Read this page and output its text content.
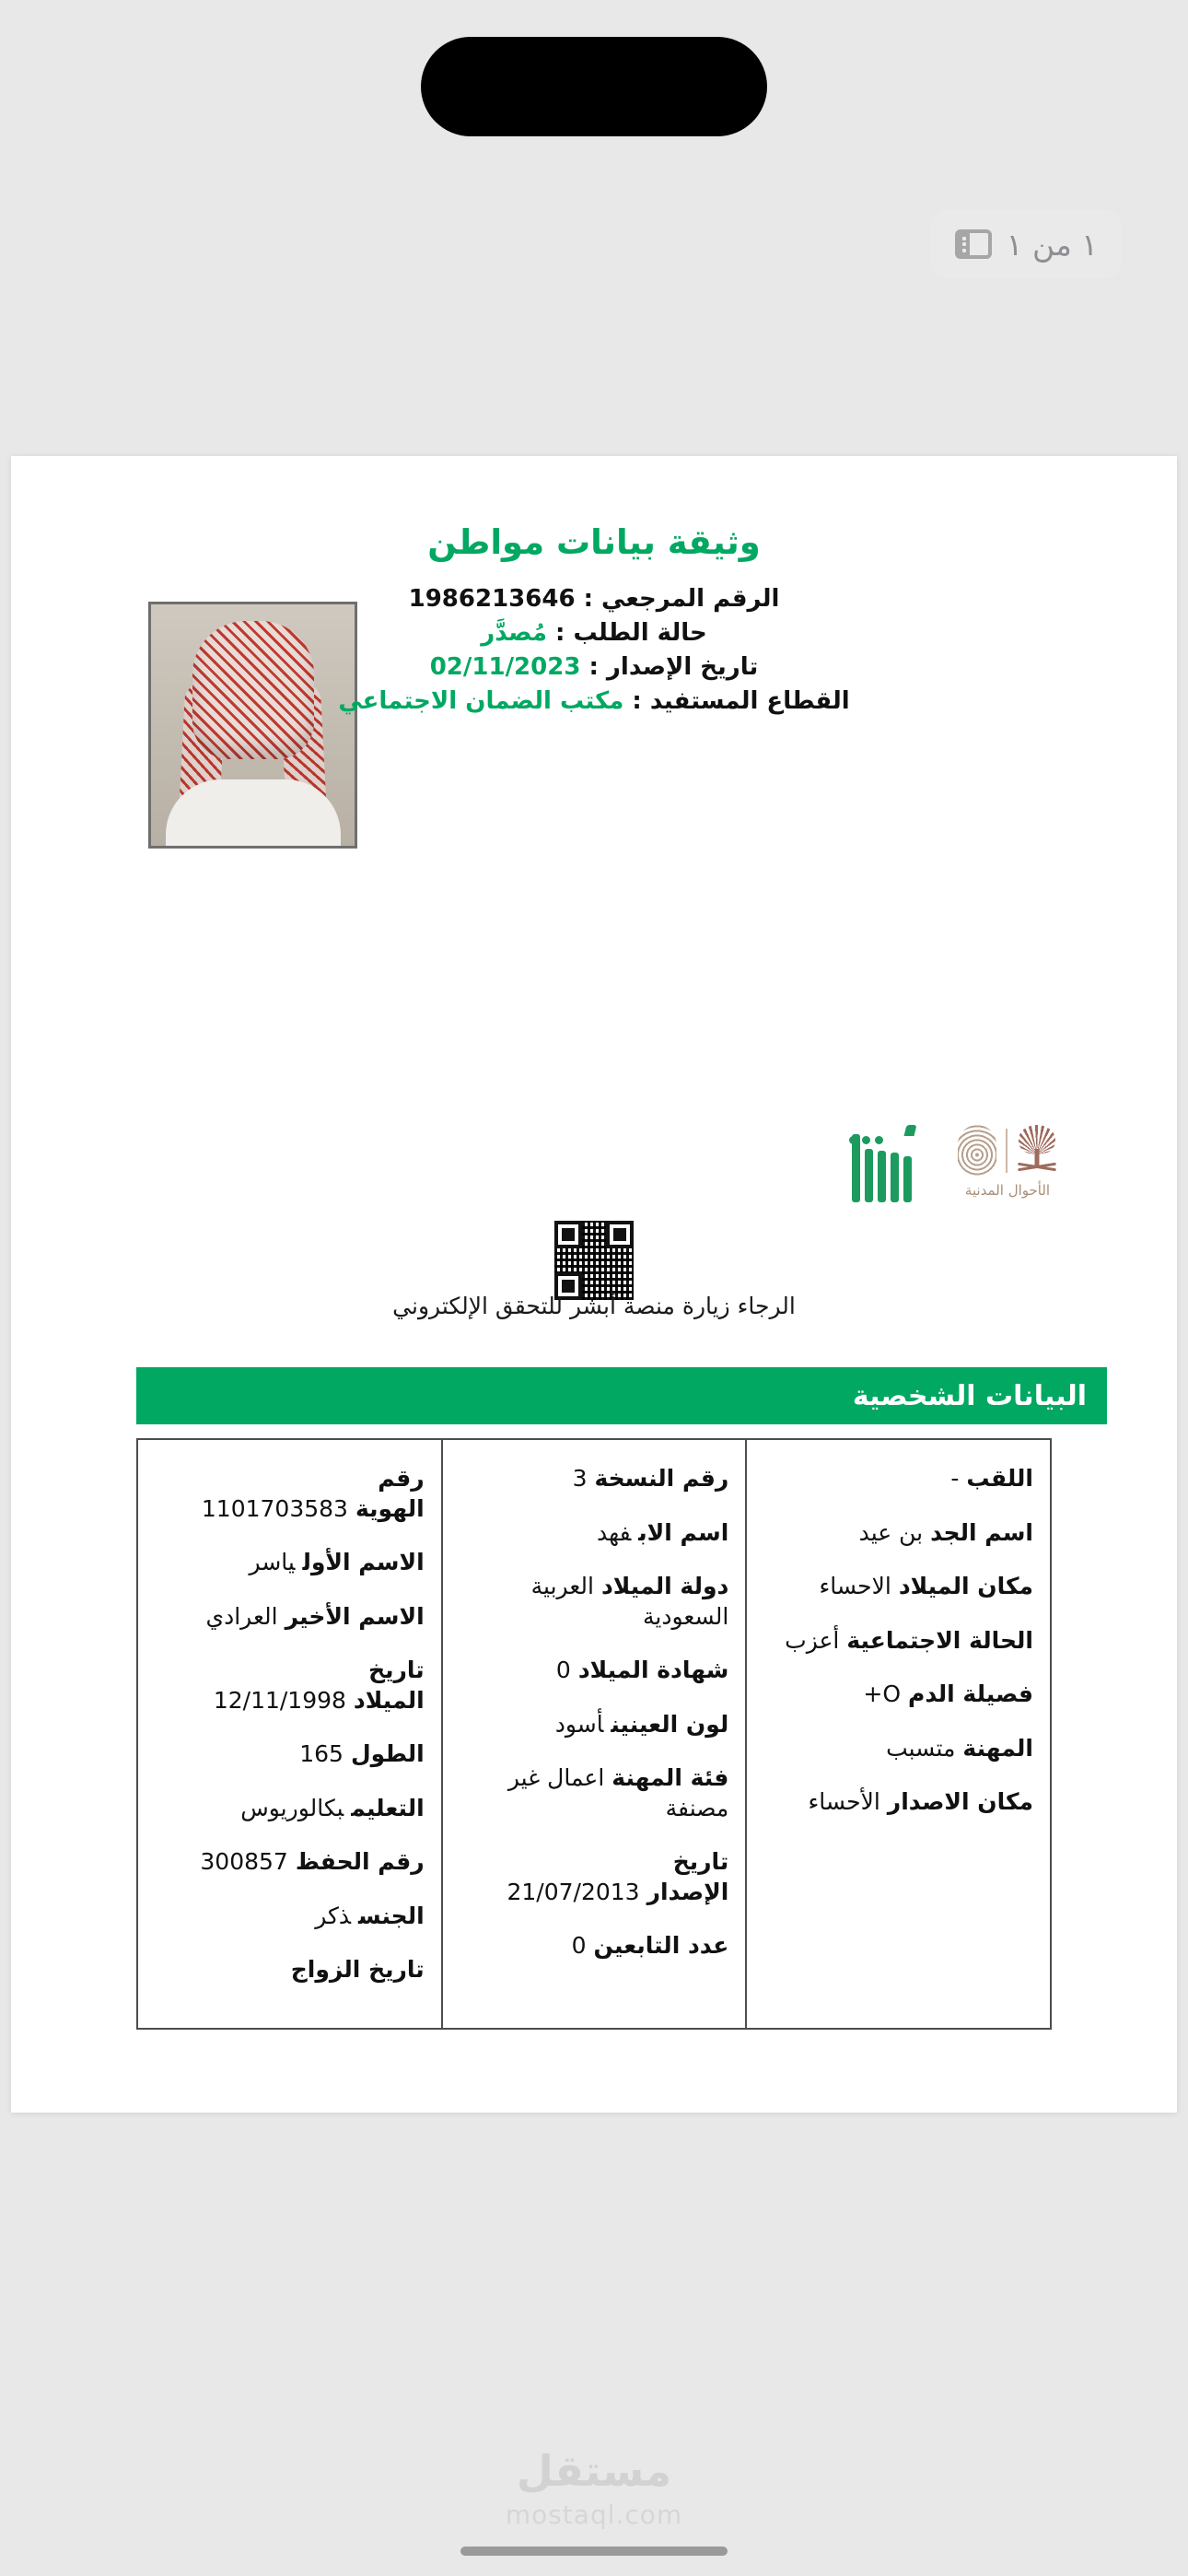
١ من ١
وثيقة بيانات مواطن
الرقم المرجعي : 1986213646
حالة الطلب : مُصدَّر
تاريخ الإصدار : 02/11/2023
القطاع المستفيد : مكتب الضمان الاجتماعي
الأحوال المدنية
الرجاء زيارة منصة أبشر للتحقق الإلكتروني
البيانات الشخصية
اللقب-
اسم الجدبن عيد
مكان الميلادالاحساء
الحالة الاجتماعيةأعزب
فصيلة الدمO+
المهنةمتسبب
مكان الاصدارالأحساء
رقم النسخة3
اسم الابفهد
دولة الميلادالعربية السعودية
شهادة الميلاد0
لون العينينأسود
فئة المهنةاعمال غير مصنفة
تاريخ الإصدار21/07/2013
عدد التابعين0
رقم الهوية1101703583
الاسم الأولياسر
الاسم الأخيرالعرادي
تاريخ الميلاد12/11/1998
الطول165
التعليمبكالوريوس
رقم الحفظ300857
الجنسذكر
تاريخ الزواج
مستقل
mostaql.com
